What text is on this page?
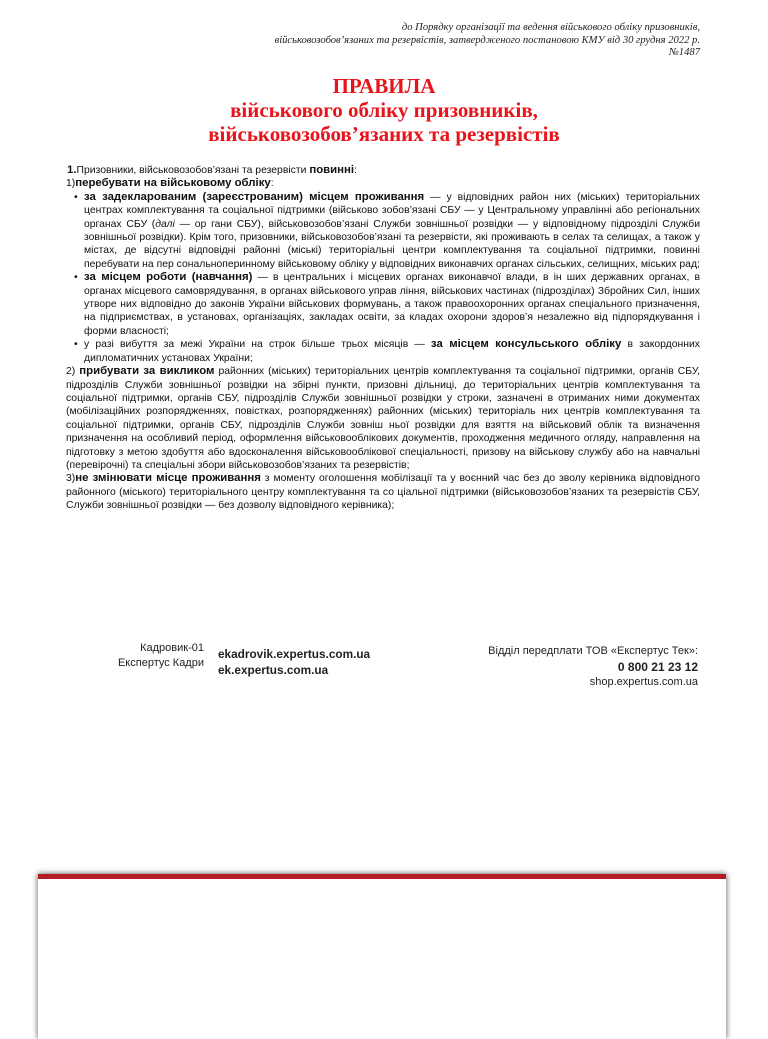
до Порядку організації та ведення військового обліку призовників,
військовозобов’язаних та резервістів, затвердженого постановою КМУ від 30 грудня 2022 р.
№1487
ПРАВИЛА
військового обліку призовників,
військовозобов’язаних та резервістів

1.Призовники, військовозобов’язані та резервісти повинні:

1)перебувати на військовому обліку:

• за задекларованим (зареєстрованим) місцем проживання — у відповідних район них (міських) територіальних центрах комплектування та соціальної підтримки (військово зобов’язані СБУ — у Центральному управлінні або регіональних органах СБУ (далі — ор гани СБУ), військовозобов’язані Служби зовнішньої розвідки — у відповідному підрозділі Служби зовнішньої розвідки). Крім того, призовники, військовозобов’язані та резервісти, які проживають в селах та селищах, а також у містах, де відсутні відповідні районні (міські) територіальні центри комплектування та соціальної підтримки, повинні перебувати на пер сональноперинному військовому обліку у відповідних виконавчих органах сільських, селищних, міських рад;
• за місцем роботи (навчання) — в центральних і місцевих органах виконавчої влади, в ін ших державних органах, в органах місцевого самоврядування, в органах військового управ ління, військових частинах (підрозділах) Збройних Сил, інших утворе них відповідно до законів України військових формувань, а також правоохоронних органах спеціального призначення, на підприємствах, в установах, організаціях, закладах освіти, за кладах охорони здоров’я незалежно від підпорядкування і форми власності;
• у разі вибуття за межі України на строк більше трьох місяців — за місцем консульського обліку в закордонних дипломатичних установах України;

2) прибувати за викликом районних (міських) територіальних центрів комплектування та соціальної підтримки, органів СБУ, підрозділів Служби зовнішньої розвідки на збірні пункти, призовні дільниці, до територіальних центрів комплектування та соціальної підтримки, органів СБУ, підрозділів Служби зовнішньої розвідки у строки, зазначені в отриманих ними документах (мобілізаційних розпорядженнях, повістках, розпорядженнях) районних (міських) територіаль них центрів комплектування та соціальної підтримки, органів СБУ, підрозділів Служби зовніш ньої розвідки для взяття на військовий облік та визначення призначення на особливий період, оформлення військовооблікових документів, проходження медичного огляду, направлення на підготовку з метою здобуття або вдосконалення військовооблікової спеціальності, призову на військову службу або на навчальні (перевірочні) та спеціальні збори військовозобов’язаних та резервістів;

3)не змінювати місце проживання з моменту оголошення мобілізації та у воєнний час без до зволу керівника відповідного районного (міського) територіального центру комплектування та со ціальної підтримки (військовозобов’язаних та резервістів СБУ, Служби зовнішньої розвідки — без дозволу відповідного керівника);

Кадровик-01
Експертус Кадри
ekadrovik.expertus.com.ua
ek.expertus.com.ua
Відділ передплати ТОВ «Експертус Тек»:
0 800 21 23 12
shop.expertus.com.ua
